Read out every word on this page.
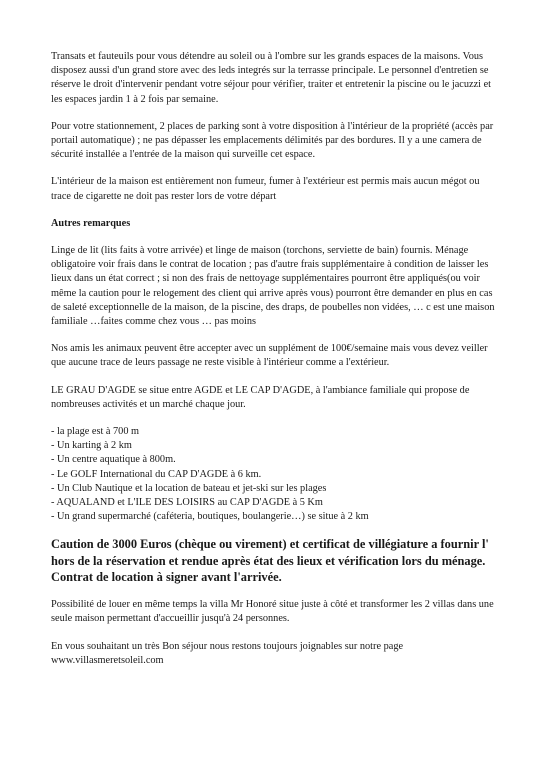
Transats et fauteuils pour vous détendre au soleil ou à l'ombre sur les grands espaces de la maisons. Vous disposez aussi d'un grand store avec des leds integrés sur la terrasse principale. Le personnel d'entretien se réserve le droit d'intervenir pendant votre séjour pour vérifier, traiter et entretenir la piscine ou le jacuzzi et les espaces jardin 1 à 2 fois par semaine.

Pour votre stationnement, 2 places de parking sont à votre disposition à l'intérieur de la propriété (accès par portail automatique) ; ne pas dépasser les emplacements délimités par des bordures. Il y a une camera de sécurité installée a l'entrée de la maison qui surveille cet espace.

L'intérieur de la maison est entièrement non fumeur, fumer à l'extérieur est permis mais aucun mégot ou trace de cigarette ne doit pas rester lors de votre départ

Autres remarques

Linge de lit (lits faits à votre arrivée) et linge de maison (torchons, serviette de bain) fournis. Ménage obligatoire voir frais dans le contrat de location ; pas d'autre frais supplémentaire à condition de laisser les lieux dans un état correct ; si non des frais de nettoyage supplémentaires pourront être appliqués(ou voir même la caution pour le relogement des client qui arrive après vous) pourront être demander en plus en cas de saleté exceptionnelle de la maison, de la piscine, des draps, de poubelles non vidées, … c est une maison familiale …faites comme chez vous … pas moins

Nos amis les animaux peuvent être accepter avec un supplément de 100€/semaine mais vous devez veiller que aucune trace de leurs passage ne reste visible à l'intérieur comme a l'extérieur.

LE GRAU D'AGDE se situe entre AGDE et LE CAP D'AGDE, à l'ambiance familiale qui propose de nombreuses activités et un marché chaque jour.

- la plage est à 700 m
- Un karting à 2 km
- Un centre aquatique à 800m.
- Le GOLF International du CAP D'AGDE à 6 km.
- Un Club Nautique et la location de bateau et jet-ski sur les plages
- AQUALAND et L'ILE DES LOISIRS au CAP D'AGDE à 5 Km
- Un grand supermarché (caféteria, boutiques, boulangerie…) se situe à 2 km
Caution de 3000 Euros (chèque ou virement) et certificat de villégiature a fournir l' hors de la réservation et rendue après état des lieux et vérification lors du ménage.
Contrat de location à signer avant l'arrivée.

Possibilité de louer en même temps la villa Mr Honoré situe juste à côté et transformer les 2 villas dans une seule maison permettant d'accueillir jusqu'à 24 personnes.

En vous souhaitant un très Bon séjour nous restons toujours joignables sur notre page
www.villasmeretsoleil.com
